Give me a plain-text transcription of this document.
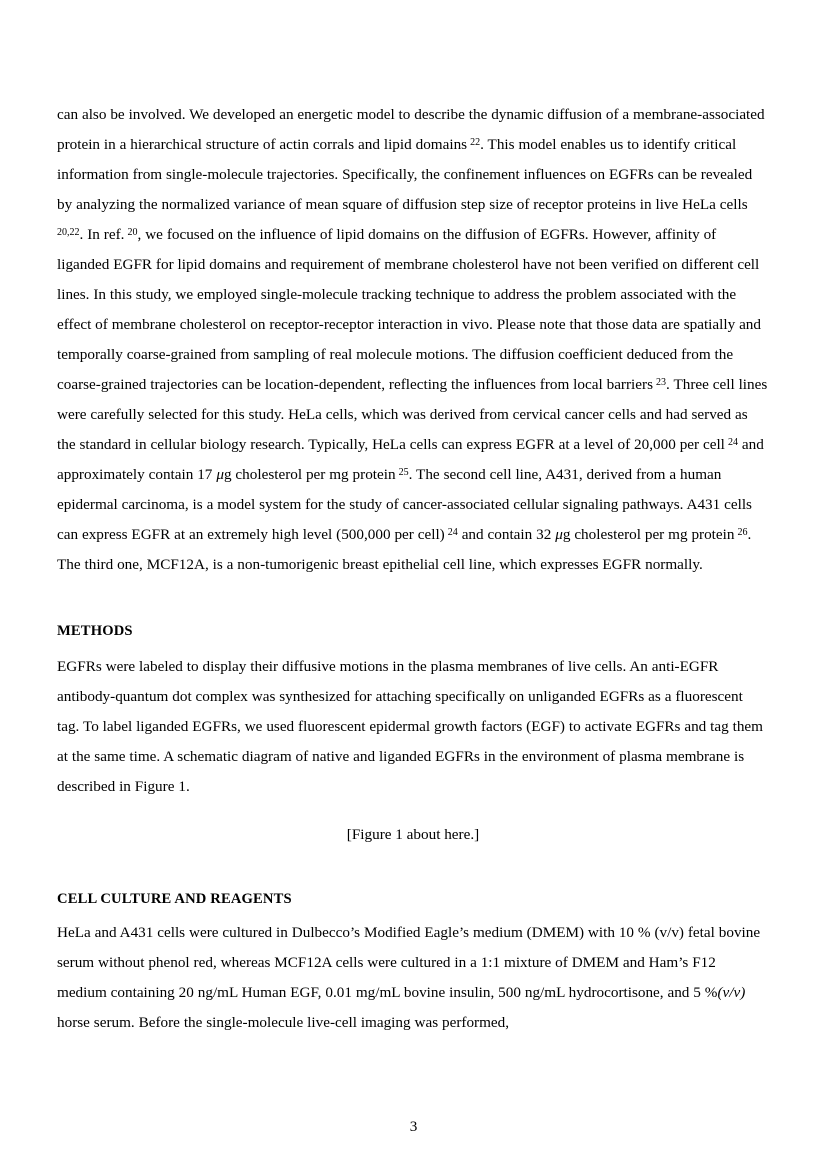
can also be involved. We developed an energetic model to describe the dynamic diffusion of a membrane-associated protein in a hierarchical structure of actin corrals and lipid domains  $^{22}$. This model enables us to identify critical information from single-molecule trajectories. Specifically, the confinement influences on EGFRs can be revealed by analyzing the normalized variance of mean square of diffusion step size of receptor proteins in live HeLa cells $^{20,22}$. In ref.  $^{20}$, we focused on the influence of lipid domains on the diffusion of EGFRs. However, affinity of liganded EGFR for lipid domains and requirement of membrane cholesterol have not been verified on different cell lines. In this study, we employed single-molecule tracking technique to address the problem associated with the effect of membrane cholesterol on receptor-receptor interaction in vivo. Please note that those data are spatially and temporally coarse-grained from sampling of real molecule motions. The diffusion coefficient deduced from the coarse-grained trajectories can be location-dependent, reflecting the influences from local barriers  $^{23}$. Three cell lines were carefully selected for this study. HeLa cells, which was derived from cervical cancer cells and had served as the standard in cellular biology research. Typically, HeLa cells can express EGFR at a level of 20,000 per cell  $^{24}$ and approximately contain 17 μg cholesterol per mg protein  $^{25}$. The second cell line, A431, derived from a human epidermal carcinoma, is a model system for the study of cancer-associated cellular signaling pathways. A431 cells can express EGFR at an extremely high level (500,000 per cell)  $^{24}$ and contain 32 μg cholesterol per mg protein  $^{26}$. The third one, MCF12A, is a non-tumorigenic breast epithelial cell line, which expresses EGFR normally.

METHODS

EGFRs were labeled to display their diffusive motions in the plasma membranes of live cells. An anti-EGFR antibody-quantum dot complex was synthesized for attaching specifically on unliganded EGFRs as a fluorescent tag. To label liganded EGFRs, we used fluorescent epidermal growth factors (EGF) to activate EGFRs and tag them at the same time. A schematic diagram of native and liganded EGFRs in the environment of plasma membrane is described in Figure 1.

[Figure 1 about here.]

CELL CULTURE AND REAGENTS

HeLa and A431 cells were cultured in Dulbecco’s Modified Eagle’s medium (DMEM) with 10 % (v/v) fetal bovine serum without phenol red, whereas MCF12A cells were cultured in a 1:1 mixture of DMEM and Ham’s F12 medium containing 20 ng/mL Human EGF, 0.01 mg/mL bovine insulin, 500 ng/mL hydrocortisone, and 5 %(v/v) horse serum. Before the single-molecule live-cell imaging was performed,

3
